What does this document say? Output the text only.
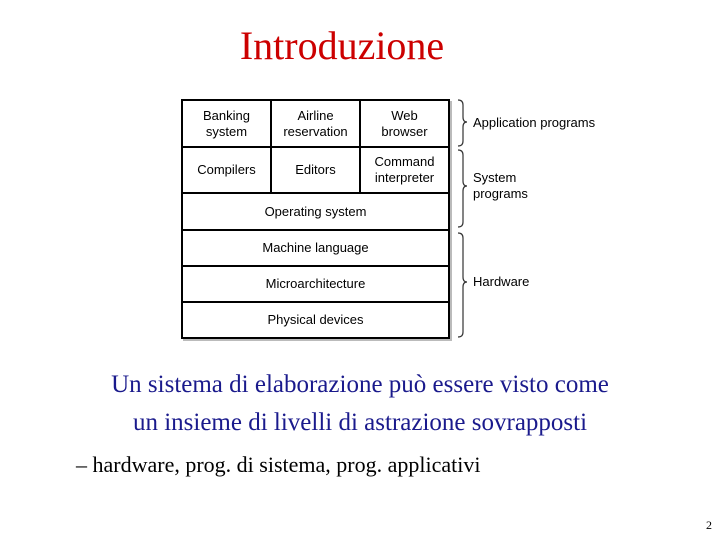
Introduzione
Banking
system
Airline
reservation
Web
browser
Compilers	Editors
Command
interpreter
Operating system
Machine language
Microarchitecture
Physical devices
Application programs
System
programs
Hardware
Un sistema di elaborazione può essere visto come
un insieme di livelli di astrazione sovrapposti
– hardware, prog. di sistema, prog. applicativi
2
